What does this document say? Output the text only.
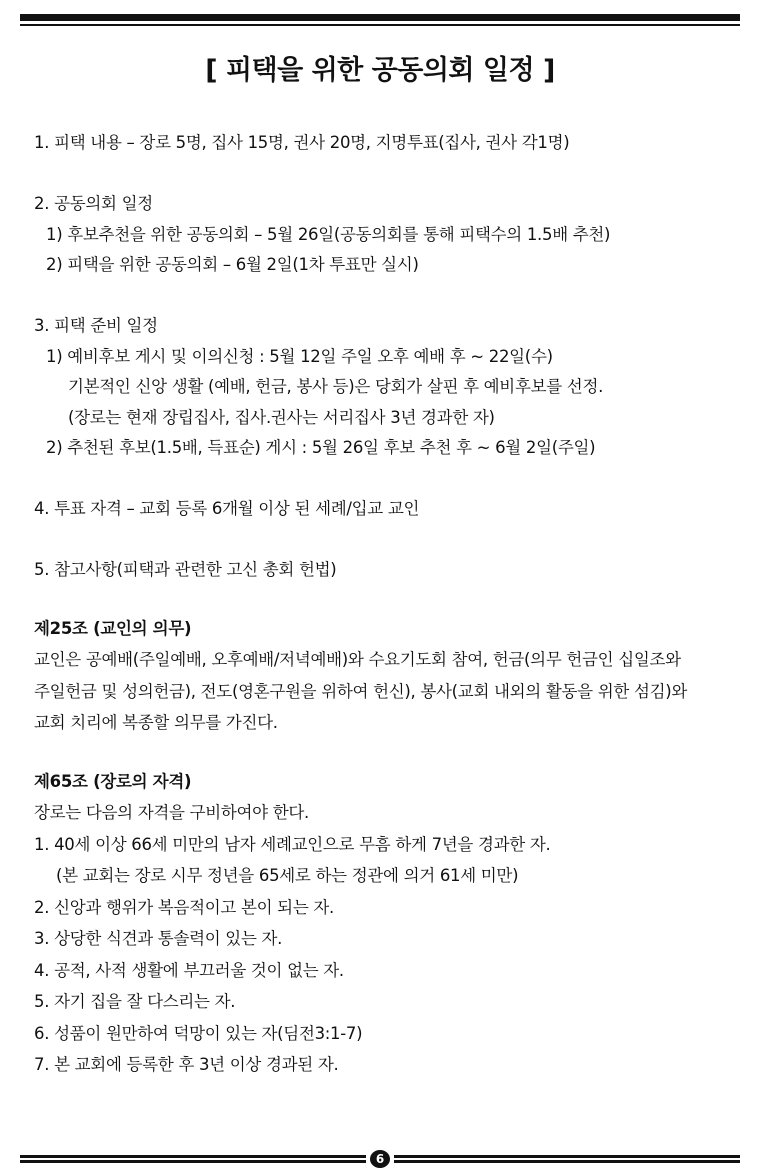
[ 피택을 위한 공동의회 일정 ]
1. 피택 내용 – 장로 5명, 집사 15명, 권사 20명, 지명투표(집사, 권사 각1명)
2. 공동의회 일정
1) 후보추천을 위한 공동의회 – 5월 26일(공동의회를 통해 피택수의 1.5배 추천)
2) 피택을 위한 공동의회 – 6월 2일(1차 투표만 실시)
3. 피택 준비 일정
1) 예비후보 게시 및 이의신청 : 5월 12일 주일 오후 예배 후 ~ 22일(수)
기본적인 신앙 생활 (예배, 헌금, 봉사 등)은 당회가 살핀 후 예비후보를 선정.
(장로는 현재 장립집사, 집사.권사는 서리집사 3년 경과한 자)
2) 추천된 후보(1.5배, 득표순) 게시 : 5월 26일 후보 추천 후 ~ 6월 2일(주일)
4. 투표 자격 – 교회 등록 6개월 이상 된 세례/입교 교인
5. 참고사항(피택과 관련한 고신 총회 헌법)
제25조 (교인의 의무)
교인은 공예배(주일예배, 오후예배/저녁예배)와 수요기도회 참여, 헌금(의무 헌금인 십일조와
주일헌금 및 성의헌금), 전도(영혼구원을 위하여 헌신), 봉사(교회 내외의 활동을 위한 섬김)와
교회 치리에 복종할 의무를 가진다.
제65조 (장로의 자격)
장로는 다음의 자격을 구비하여야 한다.
1. 40세 이상 66세 미만의 남자 세례교인으로 무흠 하게 7년을 경과한 자.
(본 교회는 장로 시무 정년을 65세로 하는 정관에 의거 61세 미만)
2. 신앙과 행위가 복음적이고 본이 되는 자.
3. 상당한 식견과 통솔력이 있는 자.
4. 공적, 사적 생활에 부끄러울 것이 없는 자.
5. 자기 집을 잘 다스리는 자.
6. 성품이 원만하여 덕망이 있는 자(딤전3:1-7)
7. 본 교회에 등록한 후 3년 이상 경과된 자.
6
